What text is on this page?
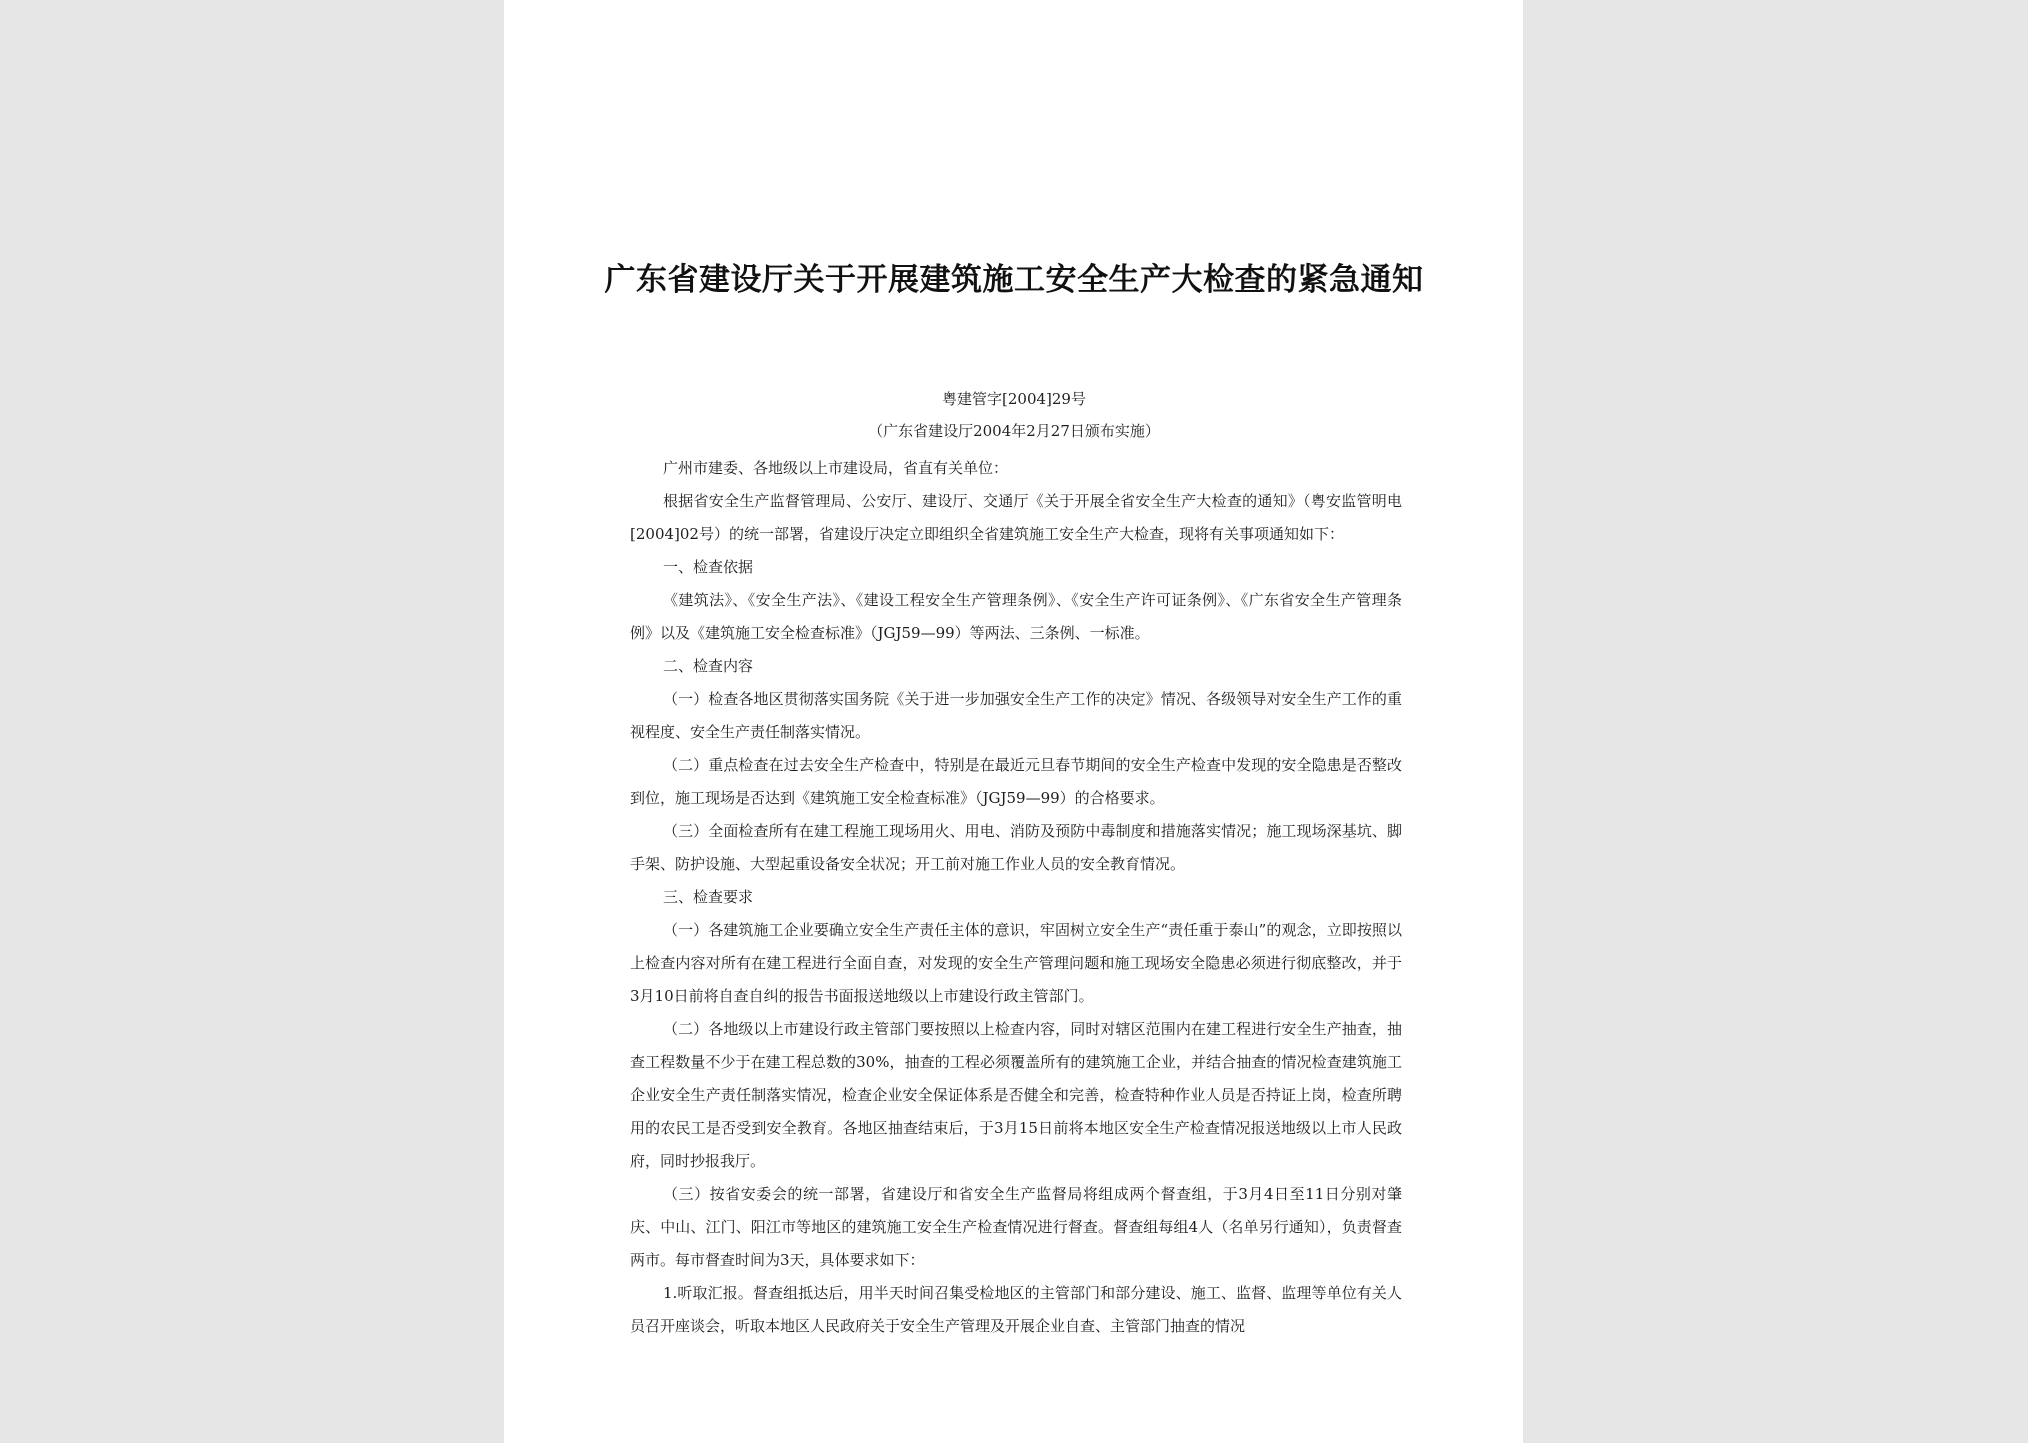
广东省建设厅关于开展建筑施工安全生产大检查的紧急通知
粤建管字[2004]29号
（广东省建设厅2004年2月27日颁布实施）

广州市建委、各地级以上市建设局，省直有关单位：

根据省安全生产监督管理局、公安厅、建设厅、交通厅《关于开展全省安全生产大检查的通知》（粤安监管明电[2004]02号）的统一部署，省建设厅决定立即组织全省建筑施工安全生产大检查，现将有关事项通知如下：

一、检查依据

《建筑法》、《安全生产法》、《建设工程安全生产管理条例》、《安全生产许可证条例》、《广东省安全生产管理条例》以及《建筑施工安全检查标准》（JGJ59—99）等两法、三条例、一标准。

二、检查内容

（一）检查各地区贯彻落实国务院《关于进一步加强安全生产工作的决定》情况、各级领导对安全生产工作的重视程度、安全生产责任制落实情况。

（二）重点检查在过去安全生产检查中，特别是在最近元旦春节期间的安全生产检查中发现的安全隐患是否整改到位，施工现场是否达到《建筑施工安全检查标准》（JGJ59—99）的合格要求。

（三）全面检查所有在建工程施工现场用火、用电、消防及预防中毒制度和措施落实情况；施工现场深基坑、脚手架、防护设施、大型起重设备安全状况；开工前对施工作业人员的安全教育情况。

三、检查要求

（一）各建筑施工企业要确立安全生产责任主体的意识，牢固树立安全生产“责任重于泰山”的观念，立即按照以上检查内容对所有在建工程进行全面自查，对发现的安全生产管理问题和施工现场安全隐患必须进行彻底整改，并于3月10日前将自查自纠的报告书面报送地级以上市建设行政主管部门。

（二）各地级以上市建设行政主管部门要按照以上检查内容，同时对辖区范围内在建工程进行安全生产抽查，抽查工程数量不少于在建工程总数的30%，抽查的工程必须覆盖所有的建筑施工企业，并结合抽查的情况检查建筑施工企业安全生产责任制落实情况，检查企业安全保证体系是否健全和完善，检查特种作业人员是否持证上岗，检查所聘用的农民工是否受到安全教育。各地区抽查结束后，于3月15日前将本地区安全生产检查情况报送地级以上市人民政府，同时抄报我厅。

（三）按省安委会的统一部署，省建设厅和省安全生产监督局将组成两个督查组，于3月4日至11日分别对肇庆、中山、江门、阳江市等地区的建筑施工安全生产检查情况进行督查。督查组每组4人（名单另行通知），负责督查两市。每市督查时间为3天，具体要求如下：

1.听取汇报。督查组抵达后，用半天时间召集受检地区的主管部门和部分建设、施工、监督、监理等单位有关人员召开座谈会，听取本地区人民政府关于安全生产管理及开展企业自查、主管部门抽查的情况
